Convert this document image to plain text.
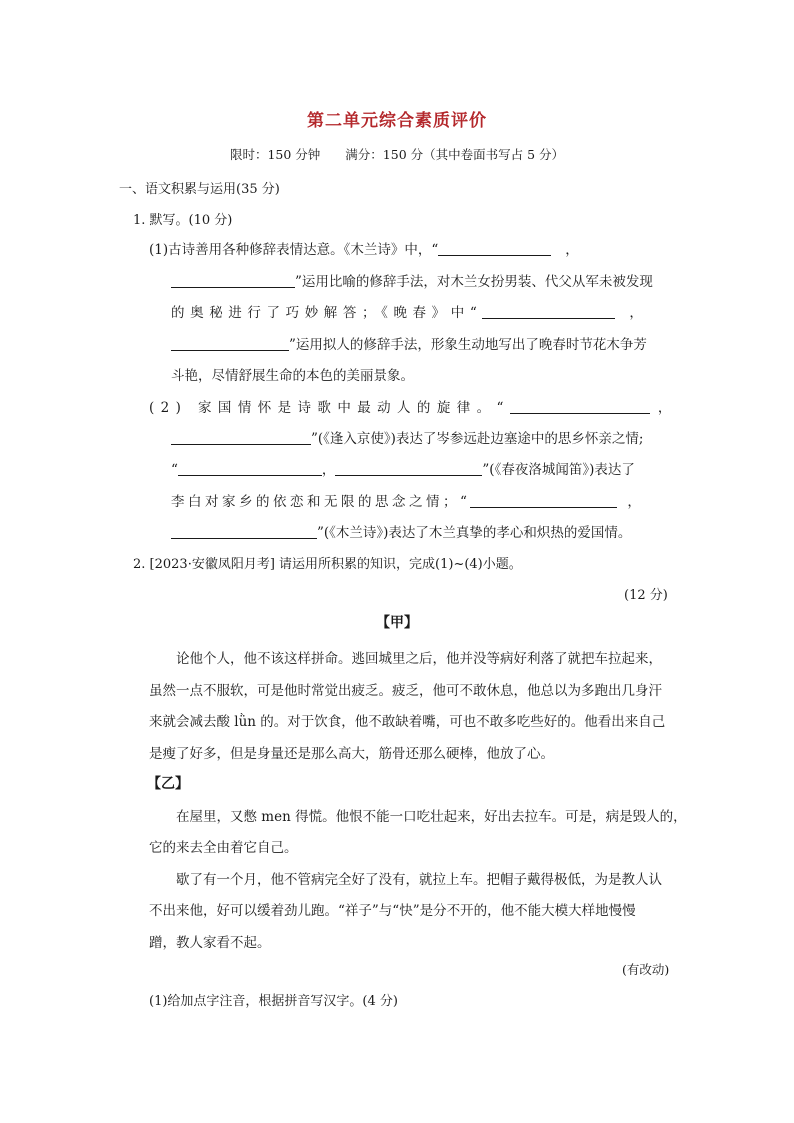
第二单元综合素质评价
限时：150 分钟　　满分：150 分（其中卷面书写占 5 分）
一、语文积累与运用(35 分)
1. 默写。(10 分)
(1)古诗善用各种修辞表情达意。《木兰诗》中，“	，
”运用比喻的修辞手法，对木兰女扮男装、代父从军未被发现
的奥秘进行了巧妙解答；《晚春》中“	，
”运用拟人的修辞手法，形象生动地写出了晚春时节花木争芳
斗艳，尽情舒展生命的本色的美丽景象。
(2) 家国情怀是诗歌中最动人的旋律。“	，
”(《逢入京使》)表达了岑参远赴边塞途中的思乡怀亲之情;
“	，	”(《春夜洛城闻笛》)表达了
李白对家乡的依恋和无限的思念之情；“	，
”(《木兰诗》)表达了木兰真挚的孝心和炽热的爱国情。
2. [2023·安徽凤阳月考] 请运用所积累的知识，完成(1)~(4)小题。
(12 分)
【甲】
论他个人，他不该这样拼命。逃回城里之后，他并没等病好利落了就把车拉起来，
虽然一点不服软，可是他时常觉出疲乏。疲乏，他可不敢休息，他总以为多跑出几身汗
来就会减去酸 lǜn 的。对于饮食，他不敢缺着嘴，可也不敢多吃些好的。他看出来自己
是瘦了好多，但是身量还是那么高大，筋骨还那么硬棒，他放了心。
【乙】
在屋里，又憋 men 得慌。他恨不能一口吃壮起来，好出去拉车。可是，病是毁人的，
它的来去全由着它自己。
歇了有一个月，他不管病完全好了没有，就拉上车。把帽子戴得极低，为是教人认
不出来他，好可以缓着劲儿跑。“祥子”与“快”是分不开的，他不能大模大样地慢慢
蹭，教人家看不起。
(有改动)
(1)给加点字注音，根据拼音写汉字。(4 分)
